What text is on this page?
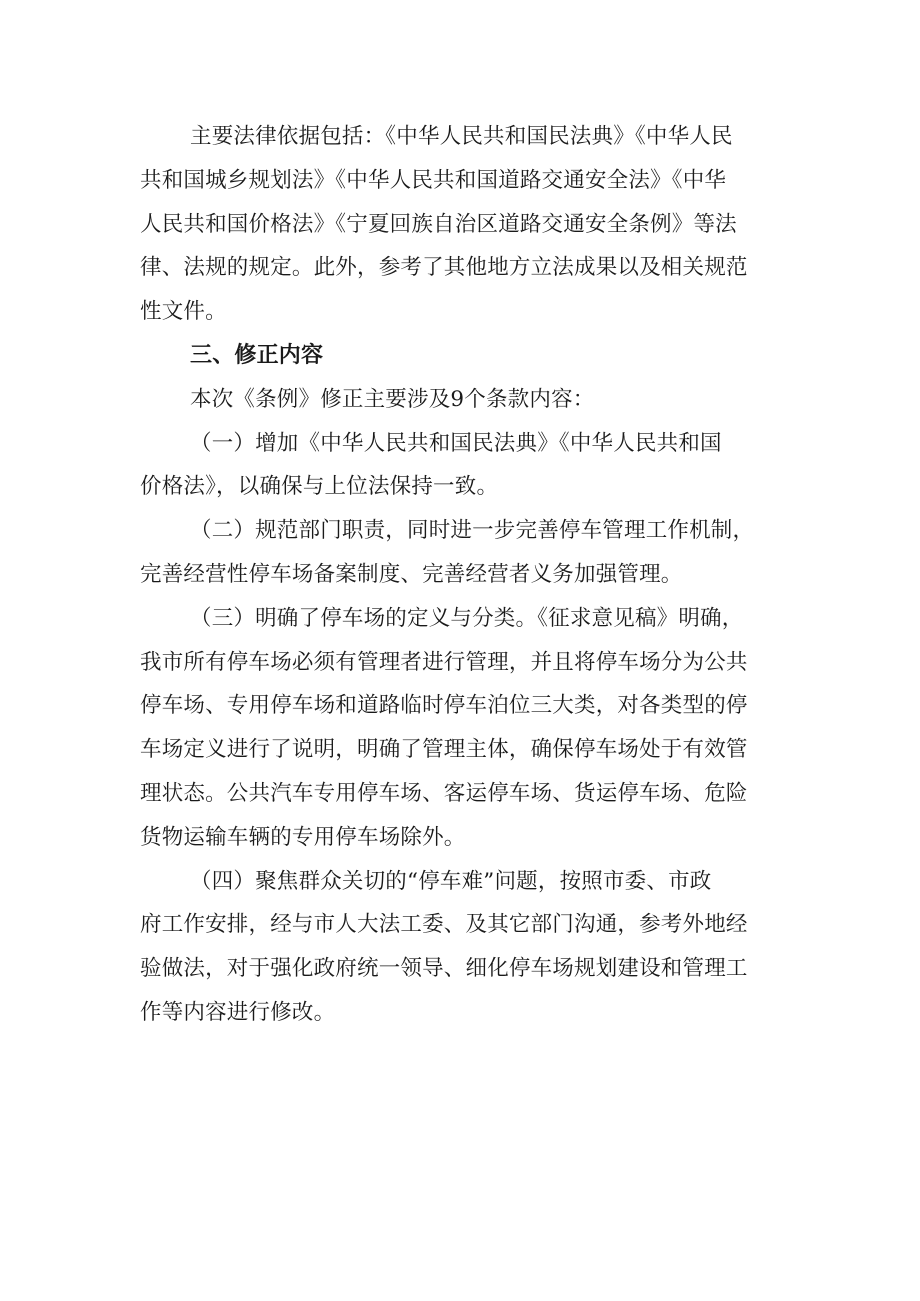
主要法律依据包括：《中华人民共和国民法典》《中华人民
共和国城乡规划法》《中华人民共和国道路交通安全法》《中华
人民共和国价格法》《宁夏回族自治区道路交通安全条例》等法
律、法规的规定。此外，参考了其他地方立法成果以及相关规范
性文件。
三、修正内容
本次《条例》修正主要涉及9个条款内容：
（一）增加《中华人民共和国民法典》《中华人民共和国
价格法》，以确保与上位法保持一致。
（二）规范部门职责，同时进一步完善停车管理工作机制，
完善经营性停车场备案制度、完善经营者义务加强管理。
（三）明确了停车场的定义与分类。《征求意见稿》明确，
我市所有停车场必须有管理者进行管理，并且将停车场分为公共
停车场、专用停车场和道路临时停车泊位三大类，对各类型的停
车场定义进行了说明，明确了管理主体，确保停车场处于有效管
理状态。公共汽车专用停车场、客运停车场、货运停车场、危险
货物运输车辆的专用停车场除外。
（四）聚焦群众关切的“停车难”问题，按照市委、市政
府工作安排，经与市人大法工委、及其它部门沟通，参考外地经
验做法，对于强化政府统一领导、细化停车场规划建设和管理工
作等内容进行修改。
